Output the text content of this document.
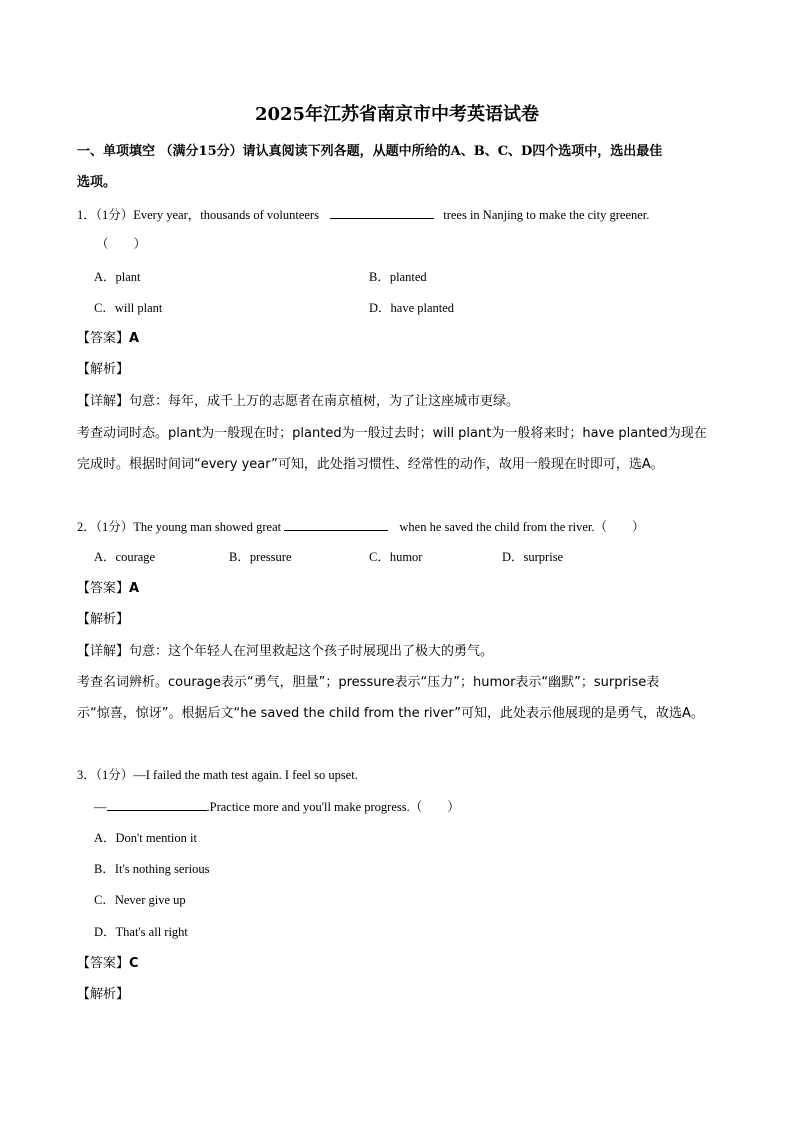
2025年江苏省南京市中考英语试卷
一、单项填空 （满分15分）请认真阅读下列各题，从题中所给的A、B、C、D四个选项中，选出最佳
选项。
1．（1分）Every year，thousands of volunteers	trees in Nanjing to make the city greener.
（　　）
A．plant	B．planted
C．will plant	D．have planted
【答案】A
【解析】
【详解】句意：每年，成千上万的志愿者在南京植树，为了让这座城市更绿。
考查动词时态。plant为一般现在时；planted为一般过去时；will plant为一般将来时；have planted为现在
完成时。根据时间词“every year”可知，此处指习惯性、经常性的动作，故用一般现在时即可，选A。
2．（1分）The young man showed great	when he saved the child from the river.（　　）
A．courage	B．pressure	C．humor	D．surprise
【答案】A
【解析】
【详解】句意：这个年轻人在河里救起这个孩子时展现出了极大的勇气。
考查名词辨析。courage表示“勇气，胆量”；pressure表示“压力”；humor表示“幽默”；surprise表
示“惊喜，惊讶”。根据后文“he saved the child from the river”可知，此处表示他展现的是勇气，故选A。
3．（1分）—I failed the math test again. I feel so upset.
—	.Practice more and you'll make progress.（　　）
A．Don't mention it
B．It's nothing serious
C．Never give up
D．That's all right
【答案】C
【解析】
